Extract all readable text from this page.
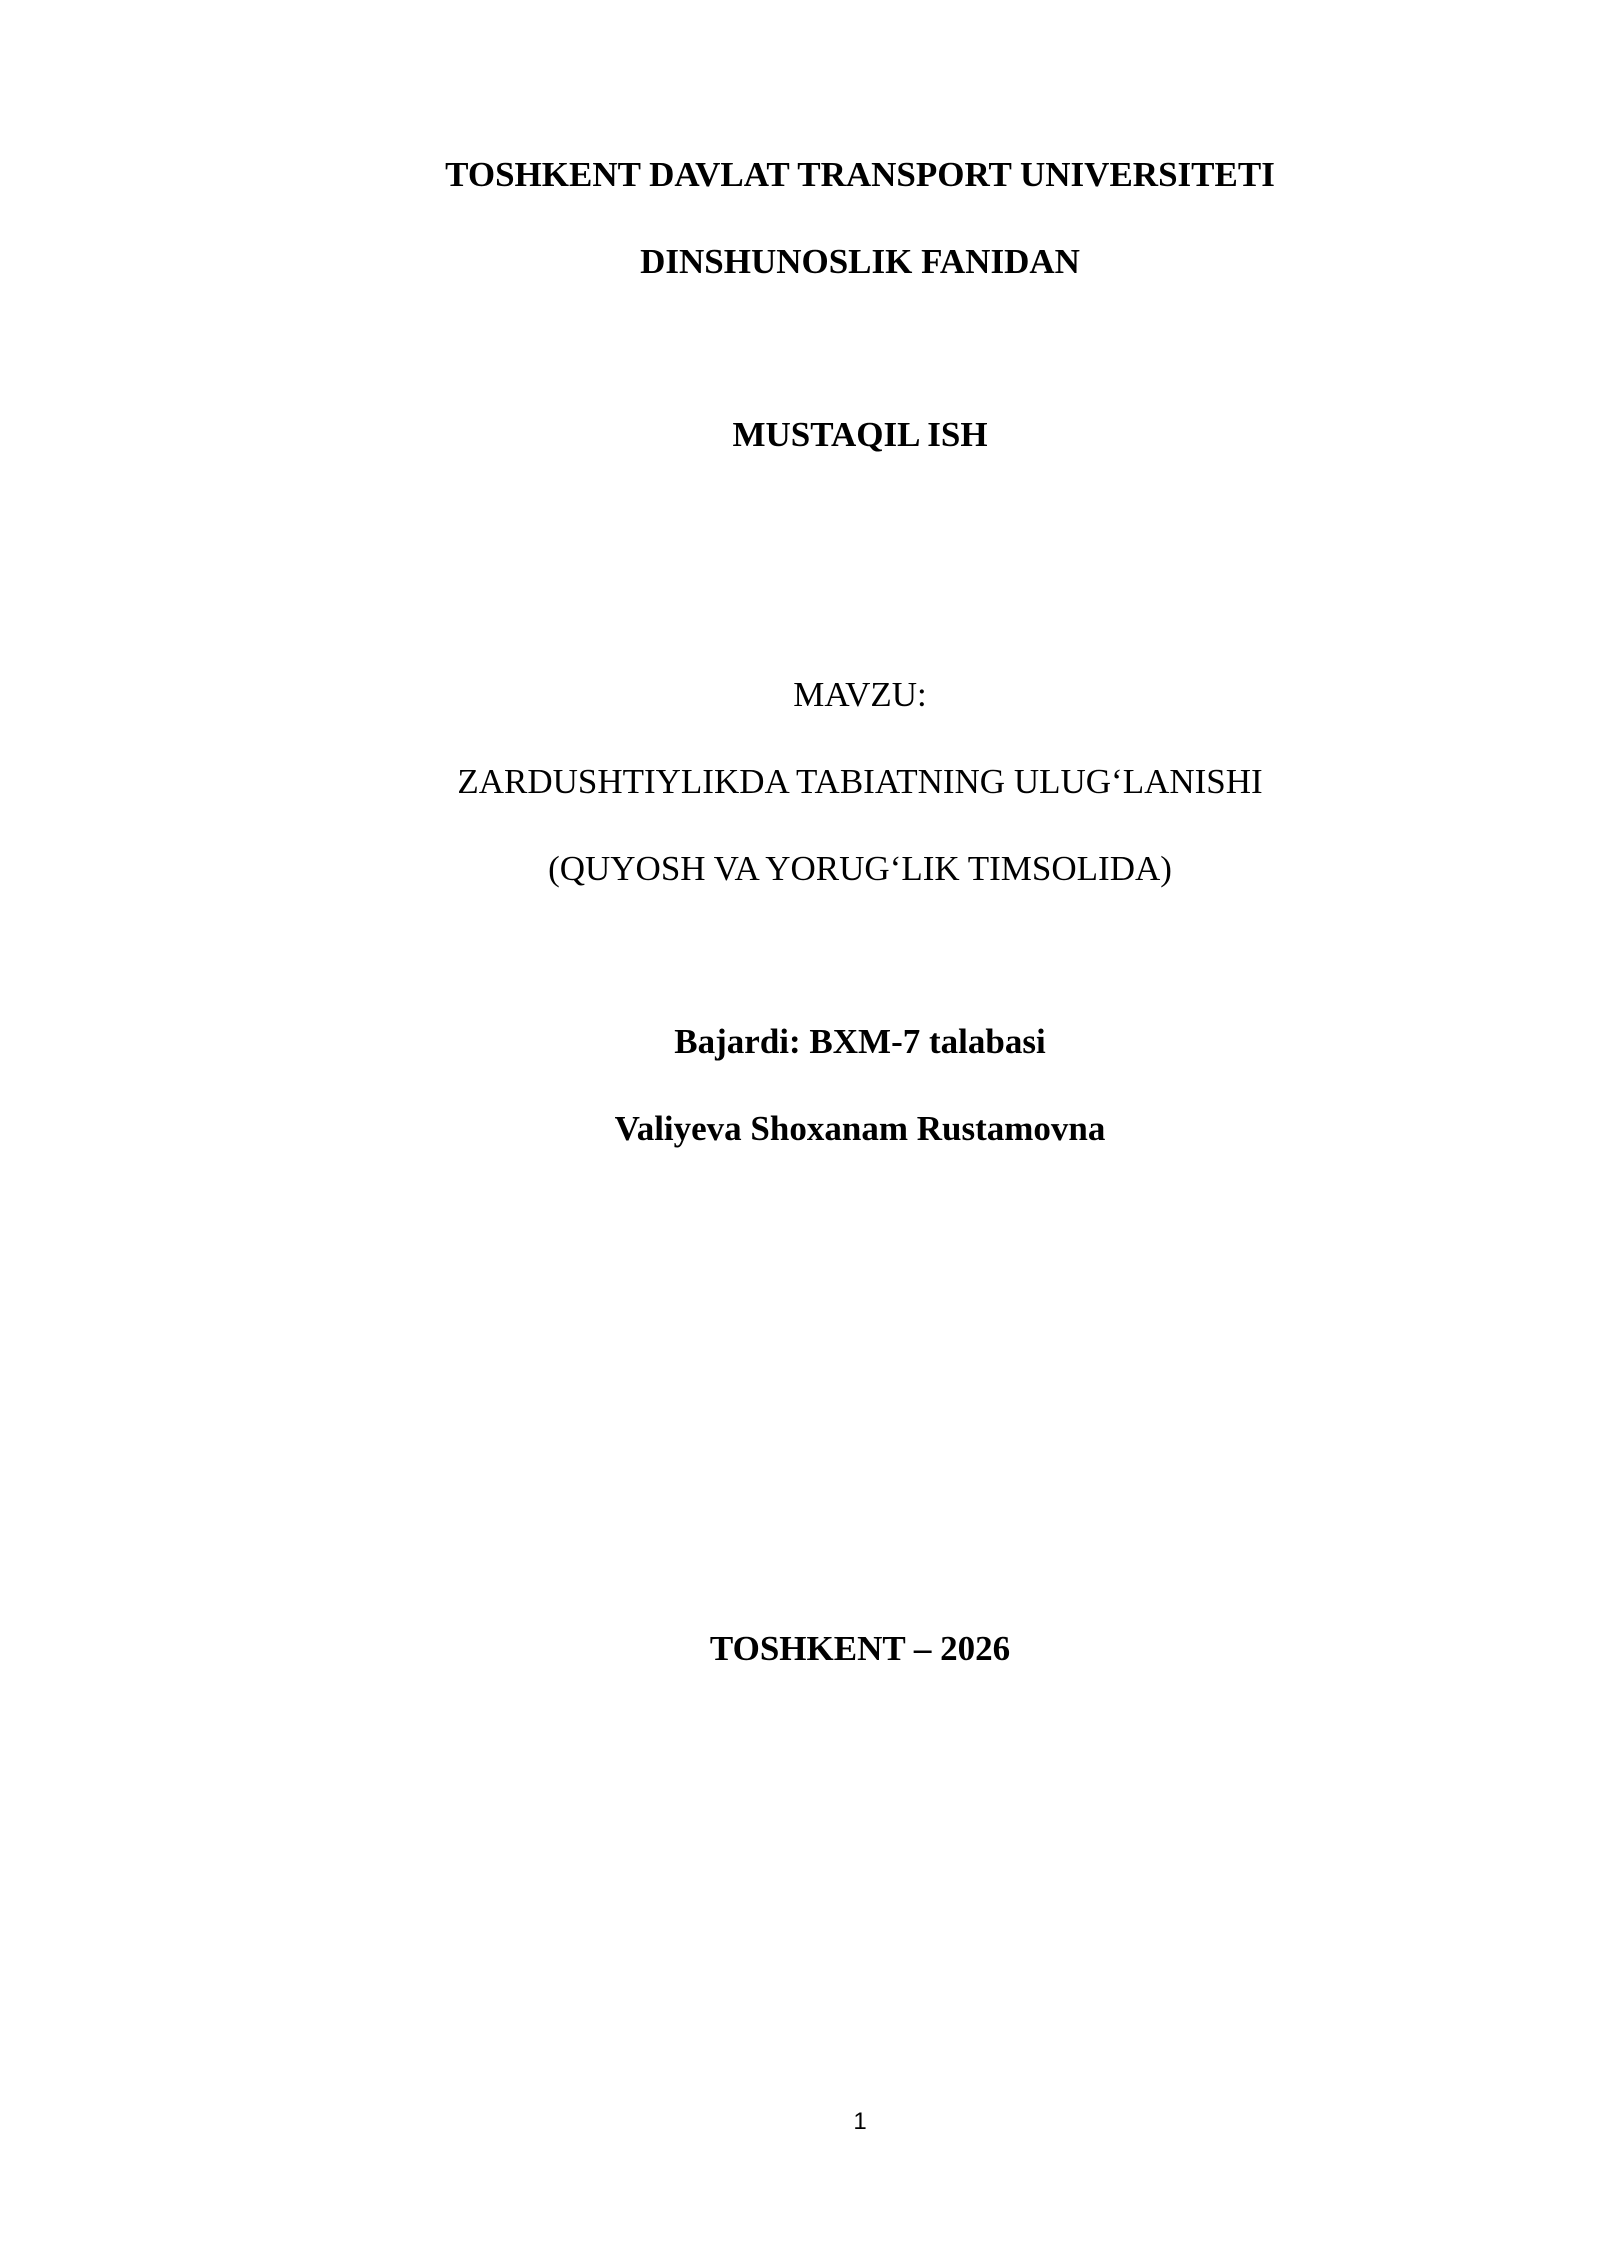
TOSHKENT DAVLAT TRANSPORT UNIVERSITETI
DINSHUNOSLIK FANIDAN
MUSTAQIL ISH
MAVZU:
ZARDUSHTIYLIKDA TABIATNING ULUG‘LANISHI
(QUYOSH VA YORUG‘LIK TIMSOLIDA)
Bajardi: BXM-7 talabasi
Valiyeva Shoxanam Rustamovna
TOSHKENT – 2026
1
